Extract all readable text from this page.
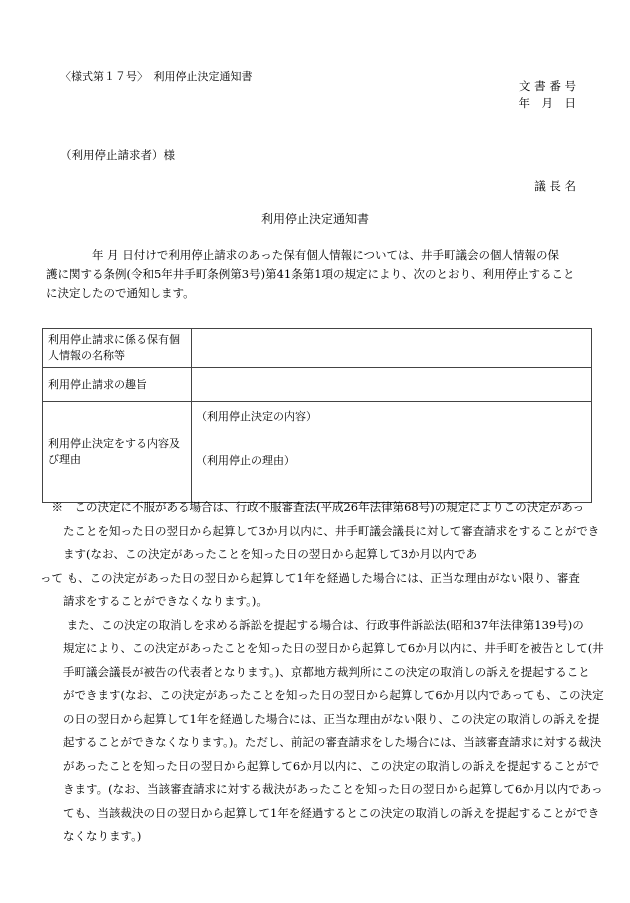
〈様式第１７号〉　利用停止決定通知書
文 書 番 号
年　月　日
（利用停止請求者）様
議 長 名
利用停止決定通知書
　　　　年 月 日付けで利用停止請求のあった保有個人情報については、井手町議会の個人情報の保
護に関する条例(令和5年井手町条例第3号)第41条第1項の規定により、次のとおり、利用停止すること
に決定したので通知します。
利用停止請求に係る保有個人情報の名称等	
利用停止請求の趣旨	
利用停止決定をする内容及び理由	（利用停止決定の内容）
（利用停止の理由）
　※　この決定に不服がある場合は、行政不服審査法(平成26年法律第68号)の規定によりこの決定があっ
　　たことを知った日の翌日から起算して3か月以内に、井手町議会議長に対して審査請求をすることができ
　　ます(なお、この決定があったことを知った日の翌日から起算して3か月以内であ
って も、この決定があった日の翌日から起算して1年を経過した場合には、正当な理由がない限り、審査
　　請求をすることができなくなります。)。
　　 また、この決定の取消しを求める訴訟を提起する場合は、行政事件訴訟法(昭和37年法律第139号)の
　　規定により、この決定があったことを知った日の翌日から起算して6か月以内に、井手町を被告として(井
　　手町議会議長が被告の代表者となります。)、京都地方裁判所にこの決定の取消しの訴えを提起すること
　　ができます(なお、この決定があったことを知った日の翌日から起算して6か月以内であっても、この決定
　　の日の翌日から起算して1年を経過した場合には、正当な理由がない限り、この決定の取消しの訴えを提
　　起することができなくなります。)。ただし、前記の審査請求をした場合には、当該審査請求に対する裁決
　　があったことを知った日の翌日から起算して6か月以内に、この決定の取消しの訴えを提起することがで
　　きます。(なお、当該審査請求に対する裁決があったことを知った日の翌日から起算して6か月以内であっ
　　ても、当該裁決の日の翌日から起算して1年を経過するとこの決定の取消しの訴えを提起することができ
　　なくなります。)
